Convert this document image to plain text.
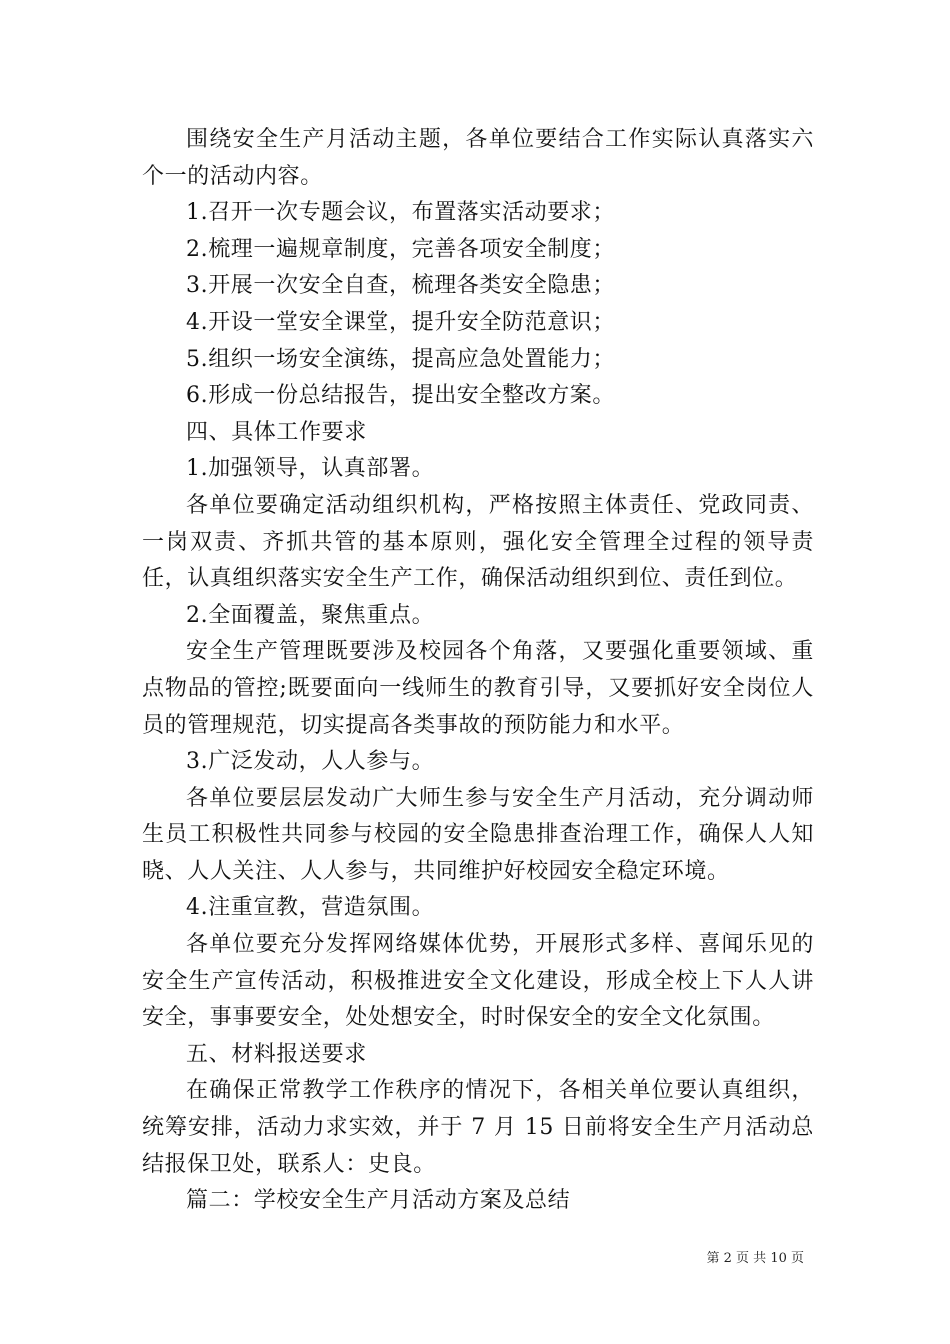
围绕安全生产月活动主题，各单位要结合工作实际认真落实六个一的活动内容。

1.召开一次专题会议，布置落实活动要求；

2.梳理一遍规章制度，完善各项安全制度；

3.开展一次安全自查，梳理各类安全隐患；

4.开设一堂安全课堂，提升安全防范意识；

5.组织一场安全演练，提高应急处置能力；

6.形成一份总结报告，提出安全整改方案。

四、具体工作要求

1.加强领导，认真部署。

各单位要确定活动组织机构，严格按照主体责任、党政同责、一岗双责、齐抓共管的基本原则，强化安全管理全过程的领导责任，认真组织落实安全生产工作，确保活动组织到位、责任到位。

2.全面覆盖，聚焦重点。

安全生产管理既要涉及校园各个角落，又要强化重要领域、重点物品的管控;既要面向一线师生的教育引导，又要抓好安全岗位人员的管理规范，切实提高各类事故的预防能力和水平。

3.广泛发动，人人参与。

各单位要层层发动广大师生参与安全生产月活动，充分调动师生员工积极性共同参与校园的安全隐患排查治理工作，确保人人知晓、人人关注、人人参与，共同维护好校园安全稳定环境。

4.注重宣教，营造氛围。

各单位要充分发挥网络媒体优势，开展形式多样、喜闻乐见的安全生产宣传活动，积极推进安全文化建设，形成全校上下人人讲安全，事事要安全，处处想安全，时时保安全的安全文化氛围。

五、材料报送要求

在确保正常教学工作秩序的情况下，各相关单位要认真组织，统筹安排，活动力求实效，并于 7 月 15 日前将安全生产月活动总结报保卫处，联系人：史良。

篇二：学校安全生产月活动方案及总结

第 2 页 共 10 页
